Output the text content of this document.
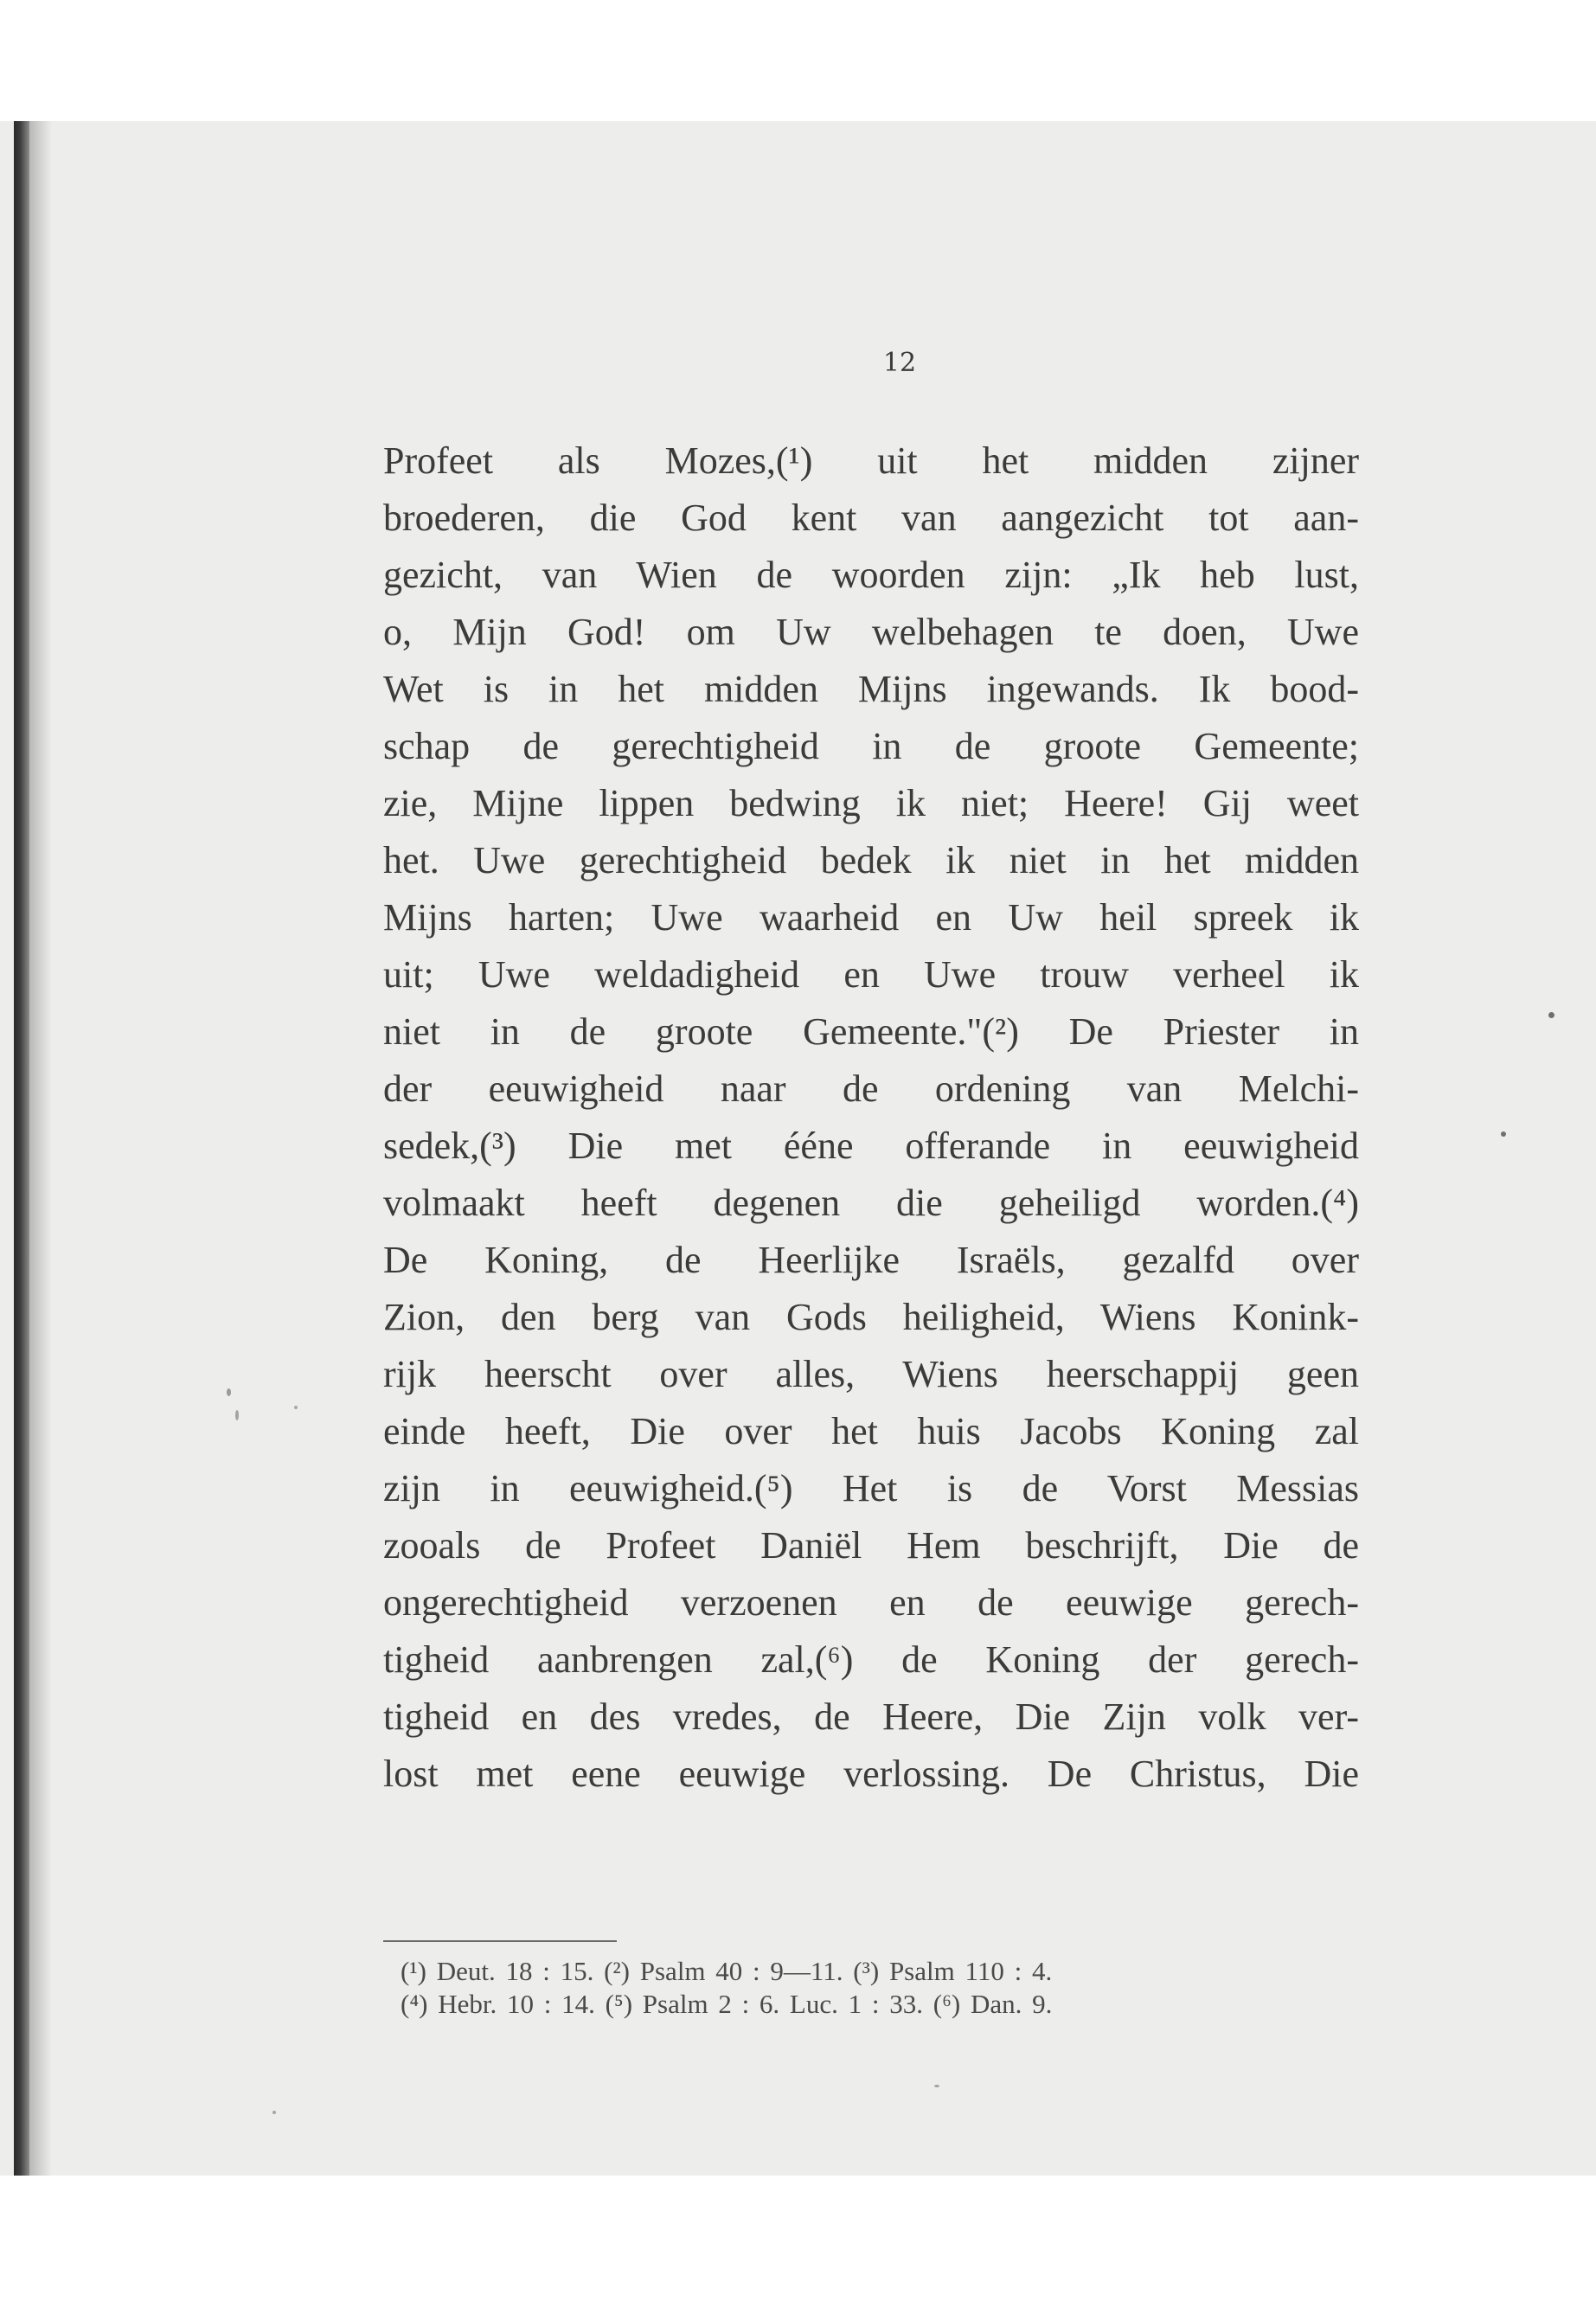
12
Profeet als Mozes,(¹) uit het midden zijner
broederen, die God kent van aangezicht tot aan-
gezicht, van Wien de woorden zijn: „Ik heb lust,
o, Mijn God! om Uw welbehagen te doen, Uwe
Wet is in het midden Mijns ingewands. Ik bood-
schap de gerechtigheid in de groote Gemeente;
zie, Mijne lippen bedwing ik niet; Heere! Gij weet
het. Uwe gerechtigheid bedek ik niet in het midden
Mijns harten; Uwe waarheid en Uw heil spreek ik
uit; Uwe weldadigheid en Uwe trouw verheel ik
niet in de groote Gemeente."(²) De Priester in
der eeuwigheid naar de ordening van Melchi-
sedek,(³) Die met ééne offerande in eeuwigheid
volmaakt heeft degenen die geheiligd worden.(⁴)
De Koning, de Heerlijke Israëls, gezalfd over
Zion, den berg van Gods heiligheid, Wiens Konink-
rijk heerscht over alles, Wiens heerschappij geen
einde heeft, Die over het huis Jacobs Koning zal
zijn in eeuwigheid.(⁵) Het is de Vorst Messias
zooals de Profeet Daniël Hem beschrijft, Die de
ongerechtigheid verzoenen en de eeuwige gerech-
tigheid aanbrengen zal,(⁶) de Koning der gerech-
tigheid en des vredes, de Heere, Die Zijn volk ver-
lost met eene eeuwige verlossing. De Christus, Die
(¹) Deut. 18 : 15. (²) Psalm 40 : 9—11. (³) Psalm 110 : 4.
(⁴) Hebr. 10 : 14. (⁵) Psalm 2 : 6. Luc. 1 : 33. (⁶) Dan. 9.
